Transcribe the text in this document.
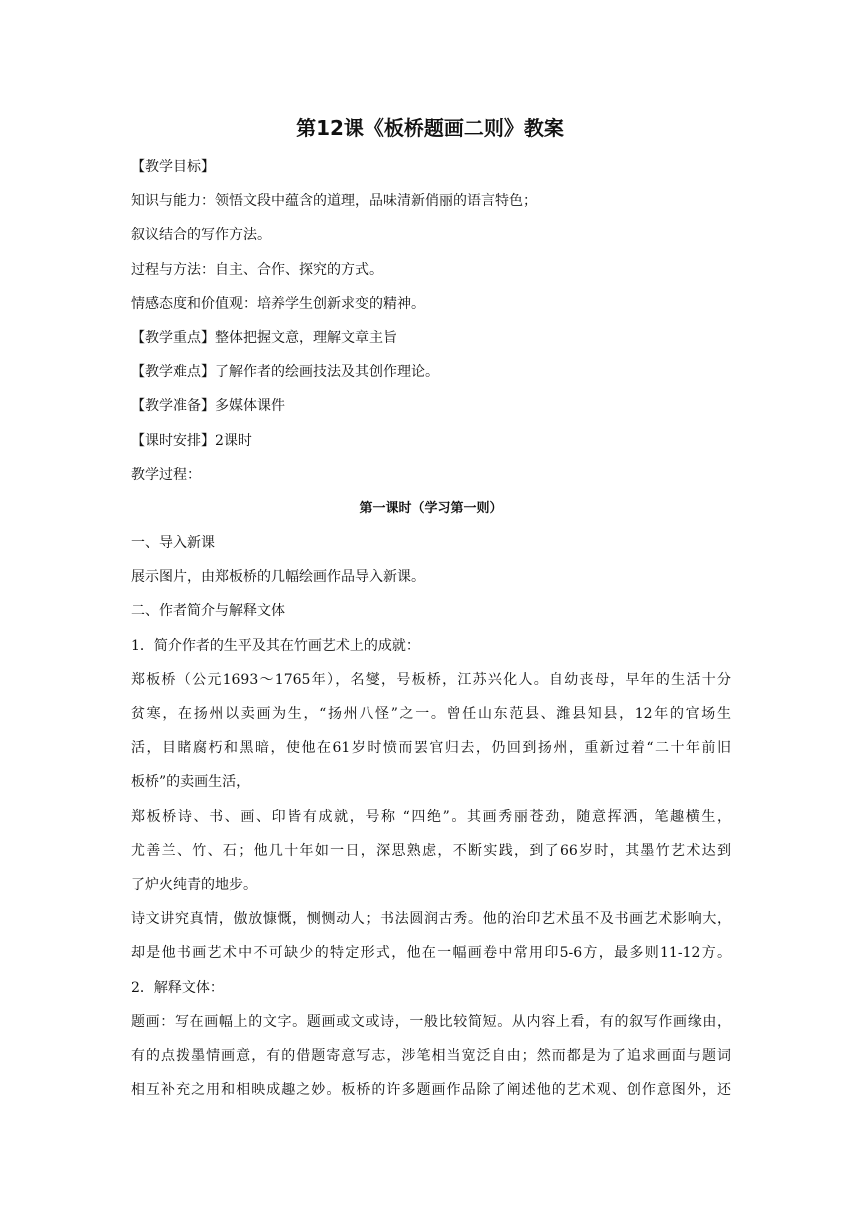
第12课《板桥题画二则》教案
【教学目标】
知识与能力：领悟文段中蕴含的道理，品味清新俏丽的语言特色；
叙议结合的写作方法。
过程与方法：自主、合作、探究的方式。
情感态度和价值观：培养学生创新求变的精神。
【教学重点】整体把握文意，理解文章主旨
【教学难点】了解作者的绘画技法及其创作理论。
【教学准备】多媒体课件
【课时安排】2课时
教学过程：
第一课时（学习第一则）
一、导入新课
展示图片，由郑板桥的几幅绘画作品导入新课。
二、作者简介与解释文体
1．简介作者的生平及其在竹画艺术上的成就：
郑板桥（公元1693～1765年），名燮，号板桥，江苏兴化人。自幼丧母，早年的生活十分
贫寒，在扬州以卖画为生，“扬州八怪”之一。曾任山东范县、潍县知县，12年的官场生
活，目睹腐朽和黑暗，使他在61岁时愤而罢官归去，仍回到扬州，重新过着“二十年前旧
板桥”的卖画生活，
郑板桥诗、书、画、印皆有成就，号称 “四绝”。其画秀丽苍劲，随意挥洒，笔趣横生，
尤善兰、竹、石；他几十年如一日，深思熟虑，不断实践，到了66岁时，其墨竹艺术达到
了炉火纯青的地步。
诗文讲究真情，傲放慷慨，恻恻动人；书法圆润古秀。他的治印艺术虽不及书画艺术影响大，
却是他书画艺术中不可缺少的特定形式，他在一幅画卷中常用印5-6方，最多则11-12方。
2．解释文体：
题画：写在画幅上的文字。题画或文或诗，一般比较简短。从内容上看，有的叙写作画缘由，
有的点拨墨情画意，有的借题寄意写志，涉笔相当宽泛自由；然而都是为了追求画面与题词
相互补充之用和相映成趣之妙。板桥的许多题画作品除了阐述他的艺术观、创作意图外，还
